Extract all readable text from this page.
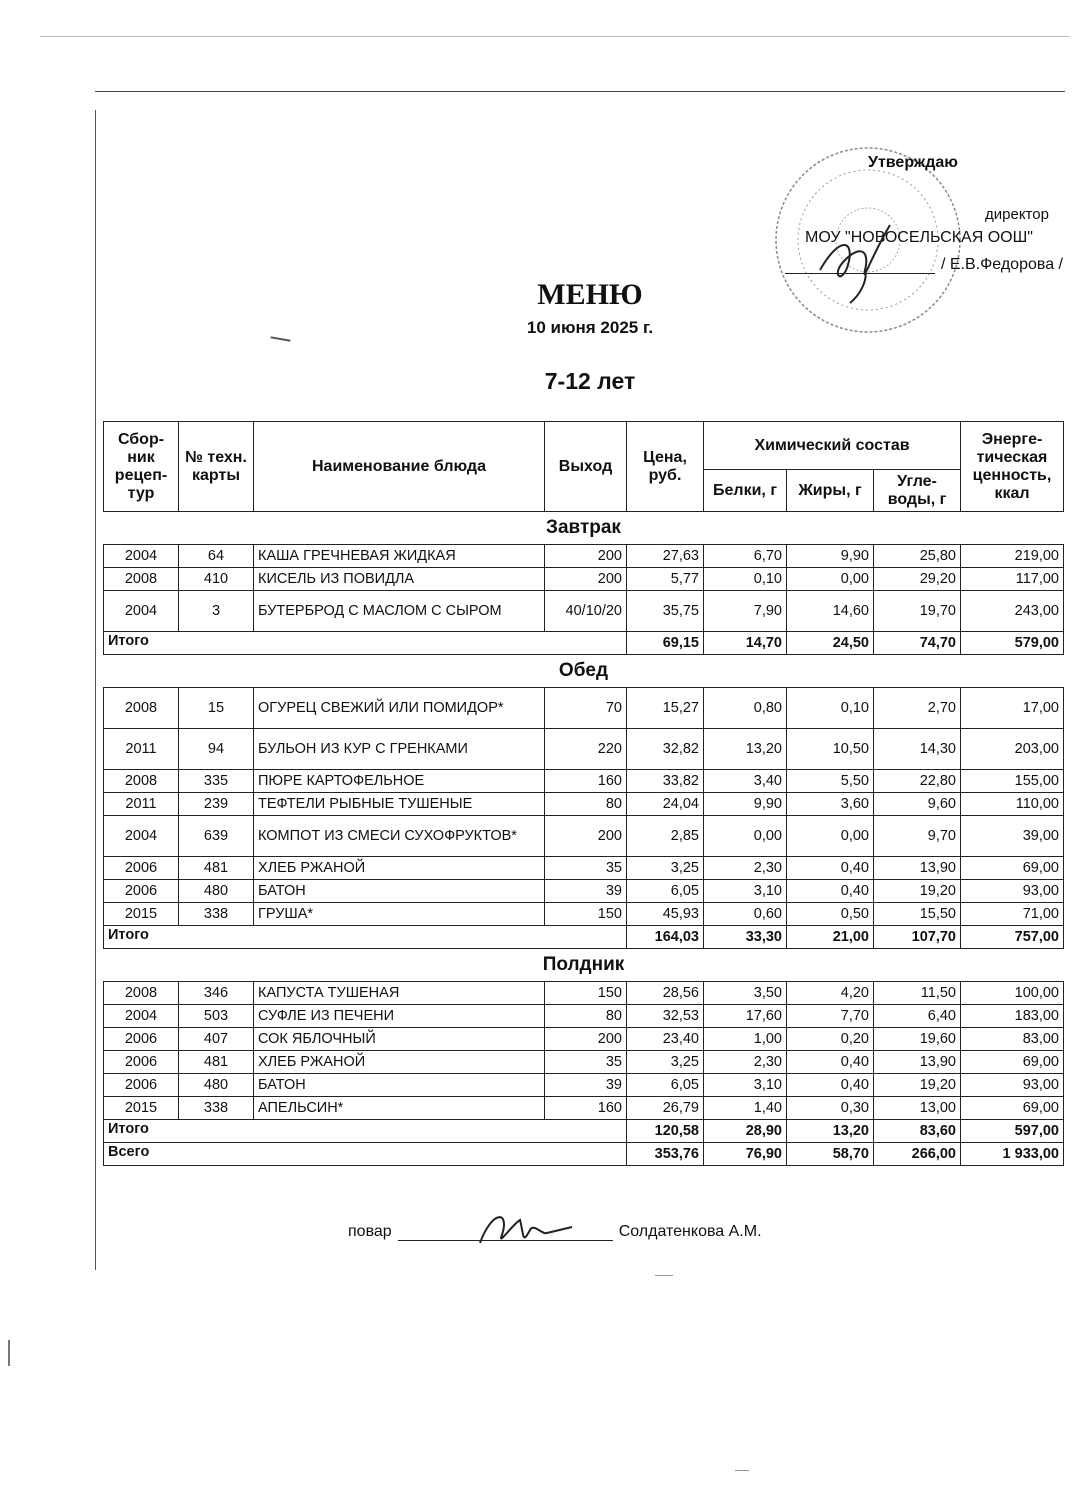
Утверждаю
директор
МОУ "НОВОСЕЛЬСКАЯ ООШ"
/ Е.В.Федорова /
МЕНЮ
10 июня 2025 г.
7-12 лет
Сбор- ник рецеп- тур	№ техн. карты	Наименование блюда	Выход	Цена, руб.	Химический состав			Энерге- тическая ценность, ккал
					Белки, г	Жиры, г	Угле- воды, г	
Завтрак								
2004	64	КАША ГРЕЧНЕВАЯ ЖИДКАЯ	200	27,63	6,70	9,90	25,80	219,00
2008	410	КИСЕЛЬ ИЗ ПОВИДЛА	200	5,77	0,10	0,00	29,20	117,00
2004	3	БУТЕРБРОД С МАСЛОМ С СЫРОМ	40/10/20	35,75	7,90	14,60	19,70	243,00
Итого				69,15	14,70	24,50	74,70	579,00
Обед								
2008	15	ОГУРЕЦ СВЕЖИЙ ИЛИ ПОМИДОР*	70	15,27	0,80	0,10	2,70	17,00
2011	94	БУЛЬОН ИЗ КУР С ГРЕНКАМИ	220	32,82	13,20	10,50	14,30	203,00
2008	335	ПЮРЕ КАРТОФЕЛЬНОЕ	160	33,82	3,40	5,50	22,80	155,00
2011	239	ТЕФТЕЛИ РЫБНЫЕ ТУШЕНЫЕ	80	24,04	9,90	3,60	9,60	110,00
2004	639	КОМПОТ ИЗ СМЕСИ СУХОФРУКТОВ*	200	2,85	0,00	0,00	9,70	39,00
2006	481	ХЛЕБ РЖАНОЙ	35	3,25	2,30	0,40	13,90	69,00
2006	480	БАТОН	39	6,05	3,10	0,40	19,20	93,00
2015	338	ГРУША*	150	45,93	0,60	0,50	15,50	71,00
Итого				164,03	33,30	21,00	107,70	757,00
Полдник								
2008	346	КАПУСТА ТУШЕНАЯ	150	28,56	3,50	4,20	11,50	100,00
2004	503	СУФЛЕ ИЗ ПЕЧЕНИ	80	32,53	17,60	7,70	6,40	183,00
2006	407	СОК ЯБЛОЧНЫЙ	200	23,40	1,00	0,20	19,60	83,00
2006	481	ХЛЕБ РЖАНОЙ	35	3,25	2,30	0,40	13,90	69,00
2006	480	БАТОН	39	6,05	3,10	0,40	19,20	93,00
2015	338	АПЕЛЬСИН*	160	26,79	1,40	0,30	13,00	69,00
Итого				120,58	28,90	13,20	83,60	597,00
Всего				353,76	76,90	58,70	266,00	1 933,00
повар	Солдатенкова А.М.
